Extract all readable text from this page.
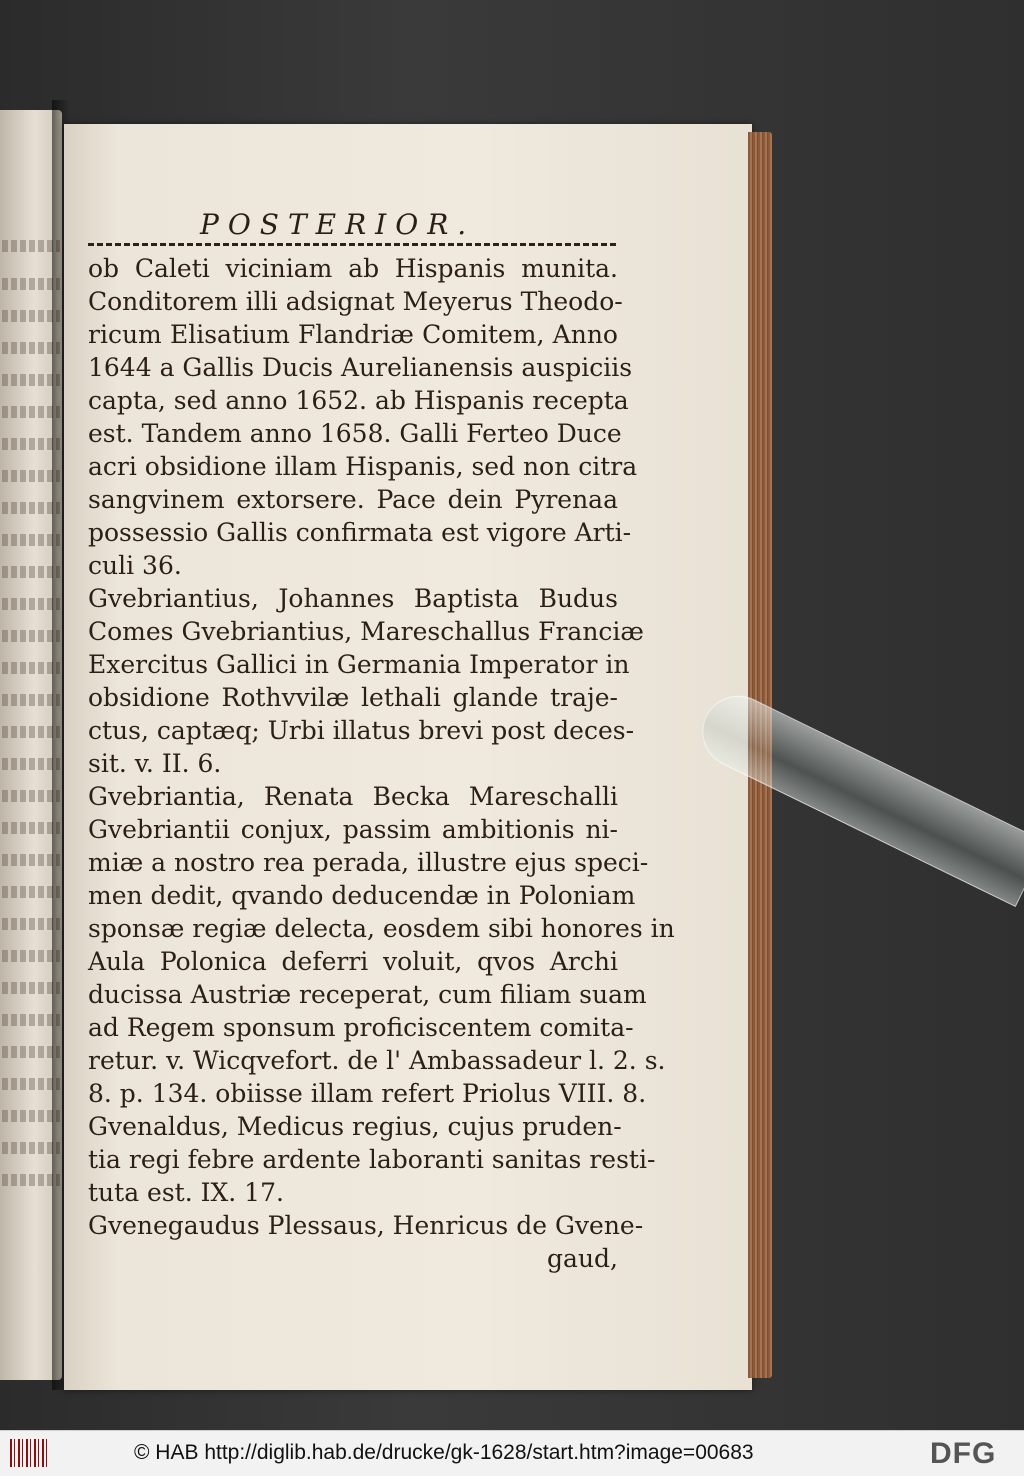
POSTERIOR.
ob Caleti viciniam ab Hispanis munita.
Conditorem illi adsignat Meyerus Theodo-
ricum Elisatium Flandriæ Comitem, Anno
1644 a Gallis Ducis Aurelianensis auspiciis
capta, sed anno 1652. ab Hispanis recepta
est. Tandem anno 1658. Galli Ferteo Duce
acri obsidione illam Hispanis, sed non citra
sangvinem extorsere. Pace dein Pyrenaa
possessio Gallis confirmata est vigore Arti-
culi 36.
Gvebriantius, Johannes Baptista Budus
Comes Gvebriantius, Mareschallus Franciæ
Exercitus Gallici in Germania Imperator in
obsidione Rothvvilæ lethali glande traje-
ctus, captæq; Urbi illatus brevi post deces-
sit. v. II. 6.
Gvebriantia, Renata Becka Mareschalli
Gvebriantii conjux, passim ambitionis ni-
miæ a nostro rea perada, illustre ejus speci-
men dedit, qvando deducendæ in Poloniam
sponsæ regiæ delecta, eosdem sibi honores in
Aula Polonica deferri voluit, qvos Archi
ducissa Austriæ receperat, cum filiam suam
ad Regem sponsum proficiscentem comita-
retur. v. Wicqvefort. de l' Ambassadeur l. 2. s.
8. p. 134. obiisse illam refert Priolus VIII. 8.
Gvenaldus, Medicus regius, cujus pruden-
tia regi febre ardente laboranti sanitas resti-
tuta est. IX. 17.
Gvenegaudus Plessaus, Henricus de Gvene-
gaud,
© HAB http://diglib.hab.de/drucke/gk-1628/start.htm?image=00683	DFG
